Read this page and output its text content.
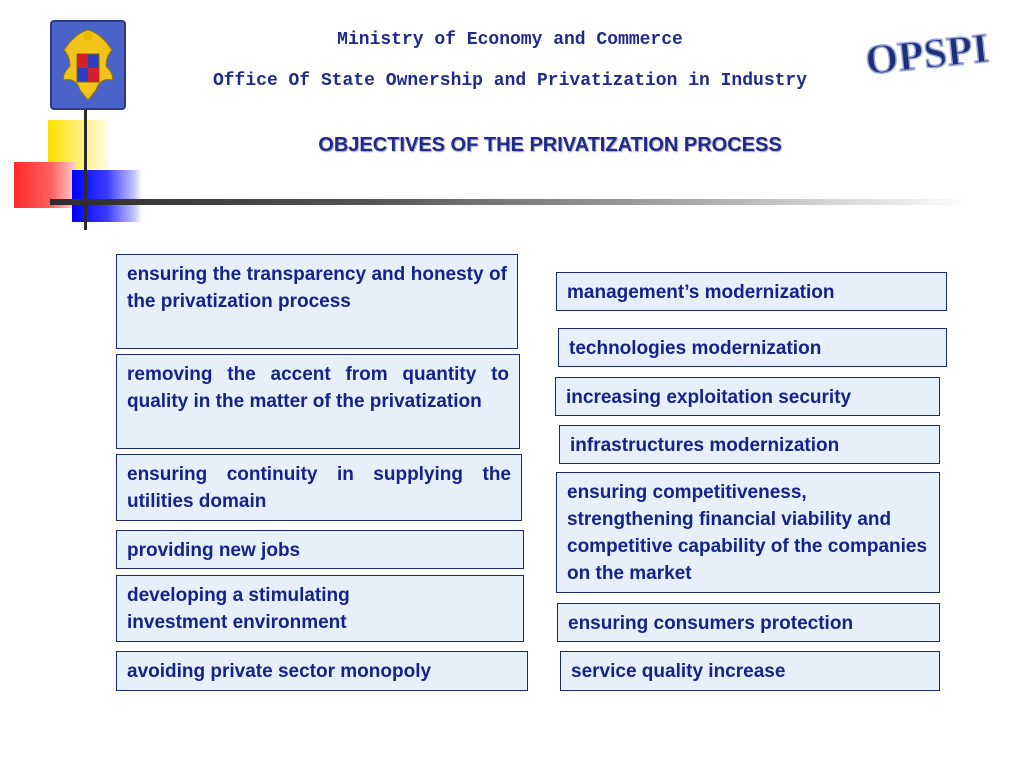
Ministry of Economy and Commerce
Office Of State Ownership and Privatization in Industry	OPSPI
OBJECTIVES OF THE PRIVATIZATION PROCESS
ensuring the transparency and honesty of the privatization process
removing the accent from quantity to quality in the matter of the privatization
ensuring continuity in supplying the utilities domain
providing new jobs
developing a stimulating investment environment
avoiding private sector monopoly
management’s modernization
technologies modernization
increasing exploitation security
infrastructures modernization
ensuring competitiveness, strengthening financial viability and competitive capability of the companies on the market
ensuring consumers protection
service quality increase
